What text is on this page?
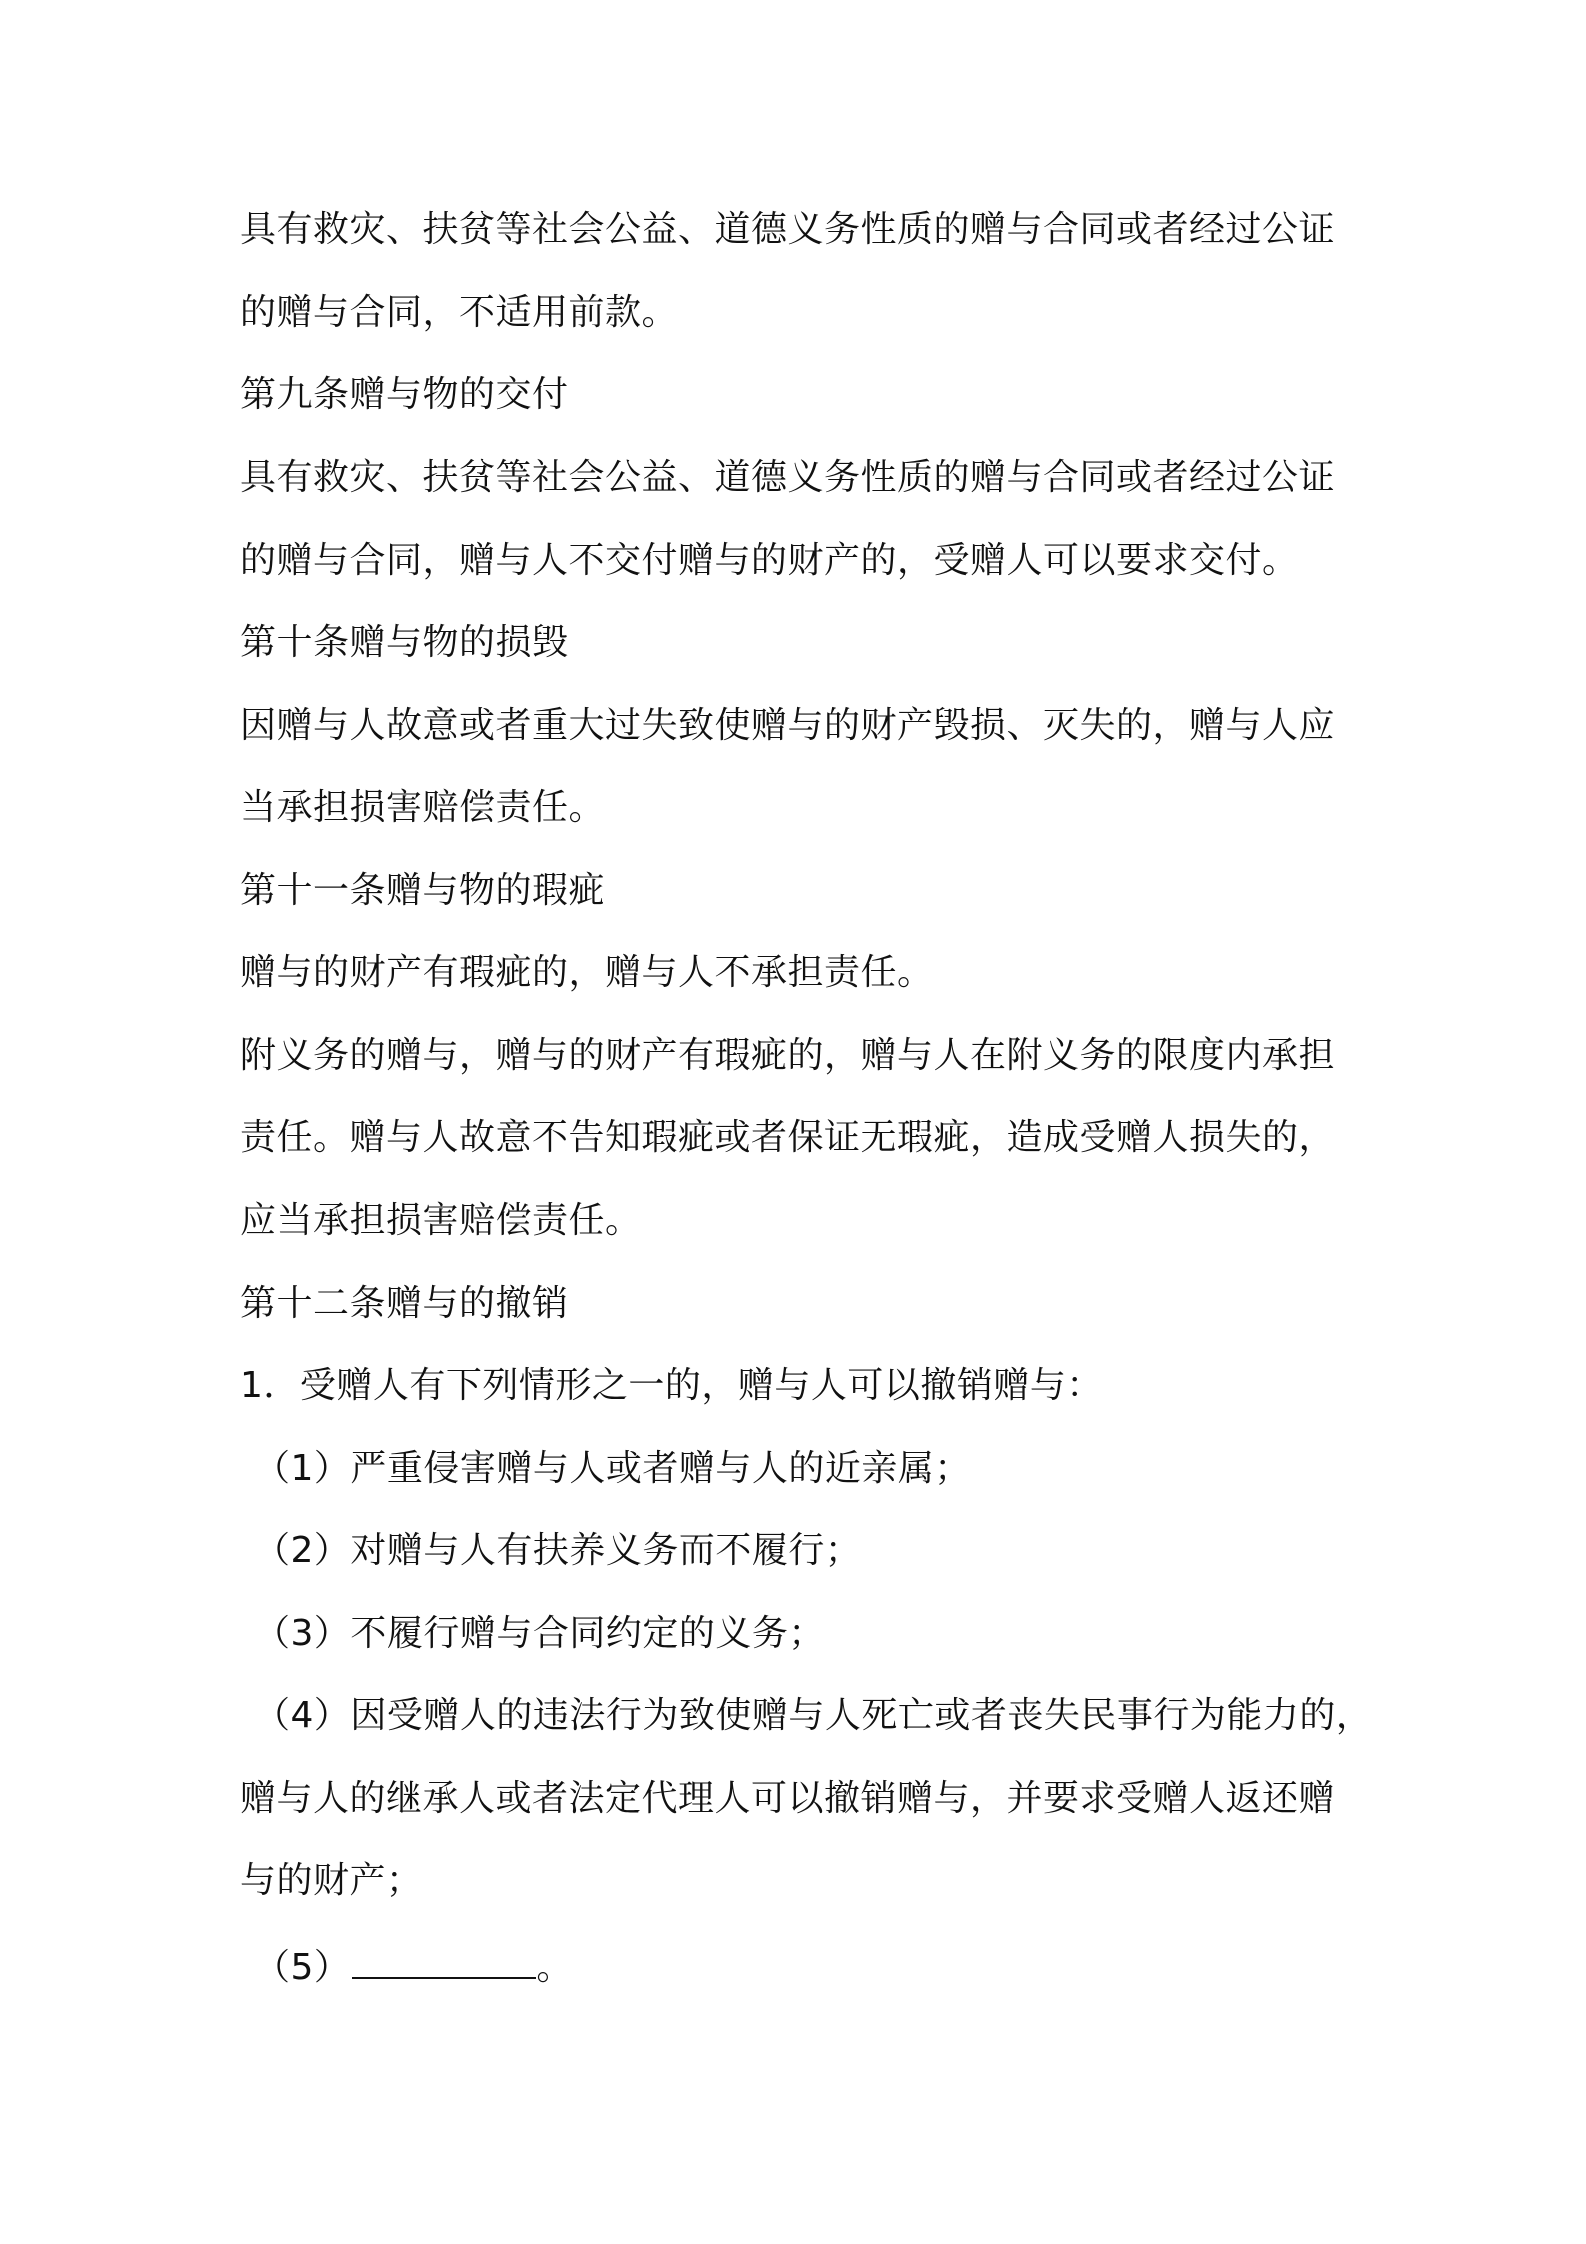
具有救灾、扶贫等社会公益、道德义务性质的赠与合同或者经过公证

的赠与合同，不适用前款。

第九条赠与物的交付

具有救灾、扶贫等社会公益、道德义务性质的赠与合同或者经过公证

的赠与合同，赠与人不交付赠与的财产的，受赠人可以要求交付。

第十条赠与物的损毁

因赠与人故意或者重大过失致使赠与的财产毁损、灭失的，赠与人应

当承担损害赔偿责任。

第十一条赠与物的瑕疵

赠与的财产有瑕疵的，赠与人不承担责任。

附义务的赠与，赠与的财产有瑕疵的，赠与人在附义务的限度内承担

责任。赠与人故意不告知瑕疵或者保证无瑕疵，造成受赠人损失的，

应当承担损害赔偿责任。

第十二条赠与的撤销

1．受赠人有下列情形之一的，赠与人可以撤销赠与：

（1）严重侵害赠与人或者赠与人的近亲属；

（2）对赠与人有扶养义务而不履行；

（3）不履行赠与合同约定的义务；

（4）因受赠人的违法行为致使赠与人死亡或者丧失民事行为能力的，

赠与人的继承人或者法定代理人可以撤销赠与，并要求受赠人返还赠

与的财产；

（5）	。
